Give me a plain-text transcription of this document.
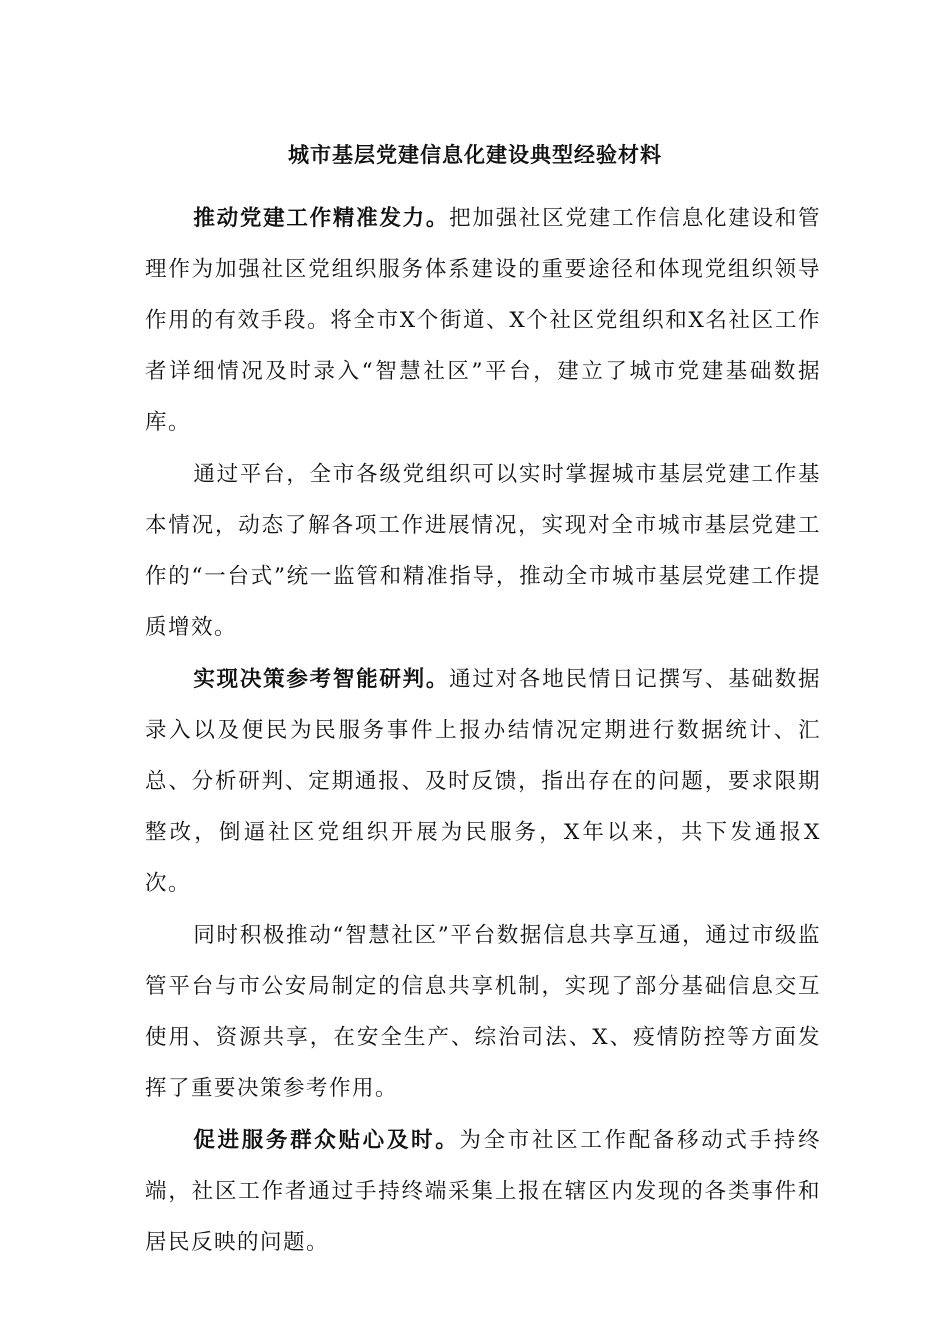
城市基层党建信息化建设典型经验材料

推动党建工作精准发力。把加强社区党建工作信息化建设和管理作为加强社区党组织服务体系建设的重要途径和体现党组织领导作用的有效手段。将全市X个街道、X个社区党组织和X名社区工作者详细情况及时录入“智慧社区”平台，建立了城市党建基础数据库。

通过平台，全市各级党组织可以实时掌握城市基层党建工作基本情况，动态了解各项工作进展情况，实现对全市城市基层党建工作的“一台式”统一监管和精准指导，推动全市城市基层党建工作提质增效。

实现决策参考智能研判。通过对各地民情日记撰写、基础数据录入以及便民为民服务事件上报办结情况定期进行数据统计、汇总、分析研判、定期通报、及时反馈，指出存在的问题，要求限期整改，倒逼社区党组织开展为民服务，X年以来，共下发通报X次。

同时积极推动“智慧社区”平台数据信息共享互通，通过市级监管平台与市公安局制定的信息共享机制，实现了部分基础信息交互使用、资源共享，在安全生产、综治司法、X、疫情防控等方面发挥了重要决策参考作用。

促进服务群众贴心及时。为全市社区工作配备移动式手持终端，社区工作者通过手持终端采集上报在辖区内发现的各类事件和居民反映的问题。
